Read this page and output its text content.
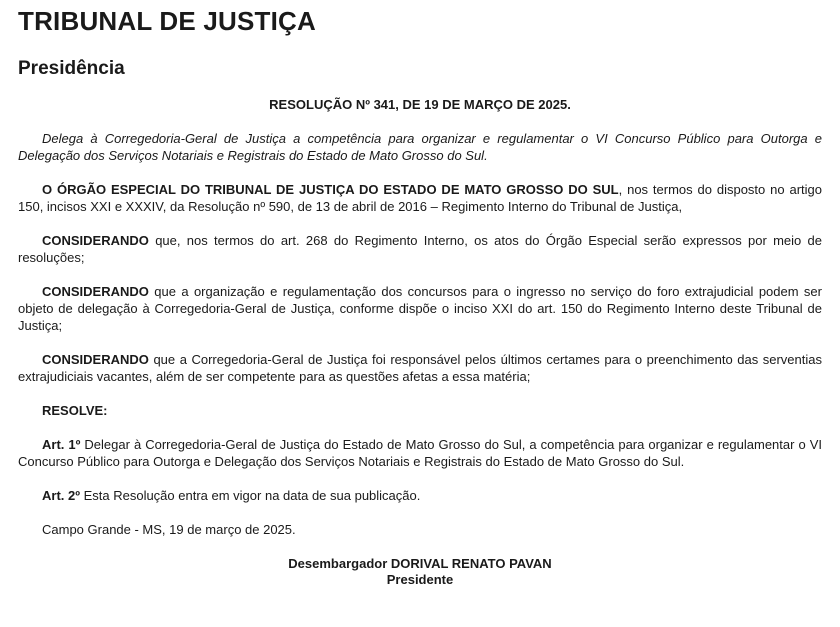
TRIBUNAL DE JUSTIÇA
Presidência

RESOLUÇÃO Nº 341, DE 19 DE MARÇO DE 2025.

Delega à Corregedoria-Geral de Justiça a competência para organizar e regulamentar o VI Concurso Público para Outorga e Delegação dos Serviços Notariais e Registrais do Estado de Mato Grosso do Sul.

O ÓRGÃO ESPECIAL DO TRIBUNAL DE JUSTIÇA DO ESTADO DE MATO GROSSO DO SUL, nos termos do disposto no artigo 150, incisos XXI e XXXIV, da Resolução nº 590, de 13 de abril de 2016 – Regimento Interno do Tribunal de Justiça,

CONSIDERANDO que, nos termos do art. 268 do Regimento Interno, os atos do Órgão Especial serão expressos por meio de resoluções;

CONSIDERANDO que a organização e regulamentação dos concursos para o ingresso no serviço do foro extrajudicial podem ser objeto de delegação à Corregedoria-Geral de Justiça, conforme dispõe o inciso XXI do art. 150 do Regimento Interno deste Tribunal de Justiça;

CONSIDERANDO que a Corregedoria-Geral de Justiça foi responsável pelos últimos certames para o preenchimento das serventias extrajudiciais vacantes, além de ser competente para as questões afetas a essa matéria;

RESOLVE:

Art. 1º Delegar à Corregedoria-Geral de Justiça do Estado de Mato Grosso do Sul, a competência para organizar e regulamentar o VI Concurso Público para Outorga e Delegação dos Serviços Notariais e Registrais do Estado de Mato Grosso do Sul.

Art. 2º Esta Resolução entra em vigor na data de sua publicação.

Campo Grande - MS, 19 de março de 2025.

Desembargador DORIVAL RENATO PAVAN
Presidente
